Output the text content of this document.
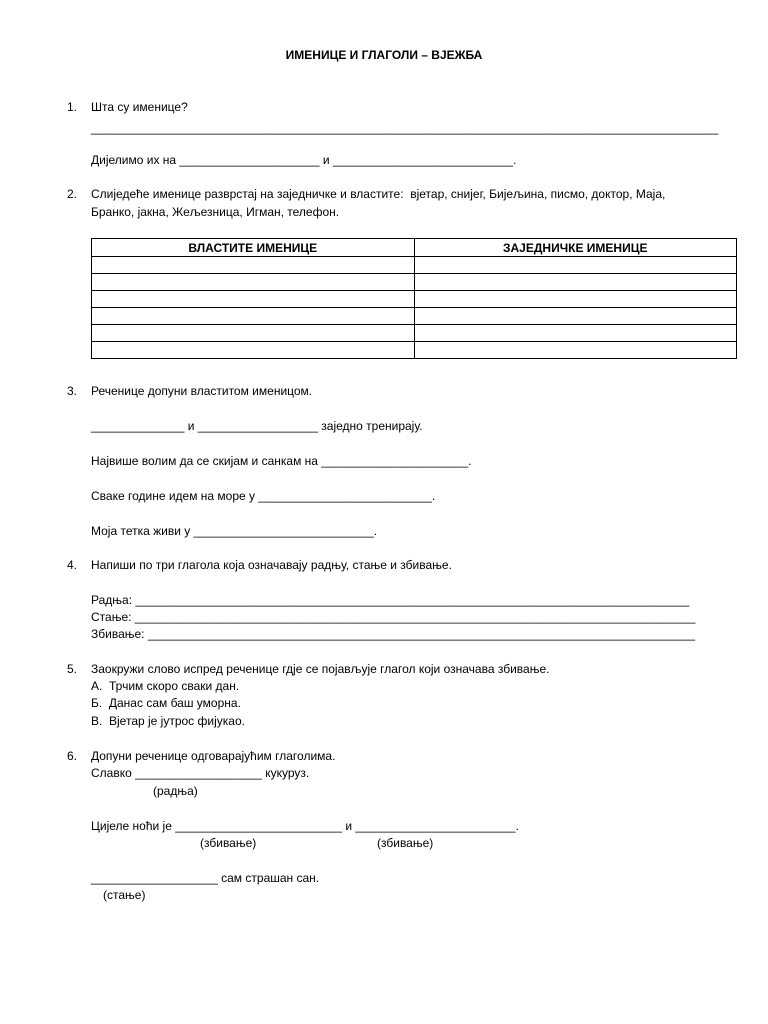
ИМЕНИЦЕ И ГЛАГОЛИ – ВЈЕЖБА
1. Шта су именице?
______________________________________________________________________________________________
Дијелимо их на _____________________ и ___________________________.
2. Слиједеће именице разврстај на заједничке и властите:  вјетар, снијег, Бијељина, писмо, доктор, Маја,
Бранко, јакна, Жељезница, Игман, телефон.
ВЛАСТИТЕ ИМЕНИЦЕ	ЗАЈЕДНИЧКЕ ИМЕНИЦЕ

3. Реченице допуни властитом именицом.
______________ и __________________ заједно тренирају.
Највише волим да се скијам и санкам на ______________________.
Сваке године идем на море у __________________________.
Моја тетка живи у ___________________________.
4. Напиши по три глагола која означавају радњу, стање и збивање.
Радња: ___________________________________________________________________________________
Стање: ____________________________________________________________________________________
Збивање: __________________________________________________________________________________
5. Заокружи слово испред реченице гдје се појављује глагол који означава збивање.
А.  Трчим скоро сваки дан.
Б.  Данас сам баш уморна.
В.  Вјетар је јутрос фијукао.
6. Допуни реченице одговарајућим глаголима.
Славко ___________________ кукуруз.
(радња)
Цијеле ноћи је _________________________ и ________________________.
(збивање)	(збивање)
___________________ сам страшан сан.
(стање)
